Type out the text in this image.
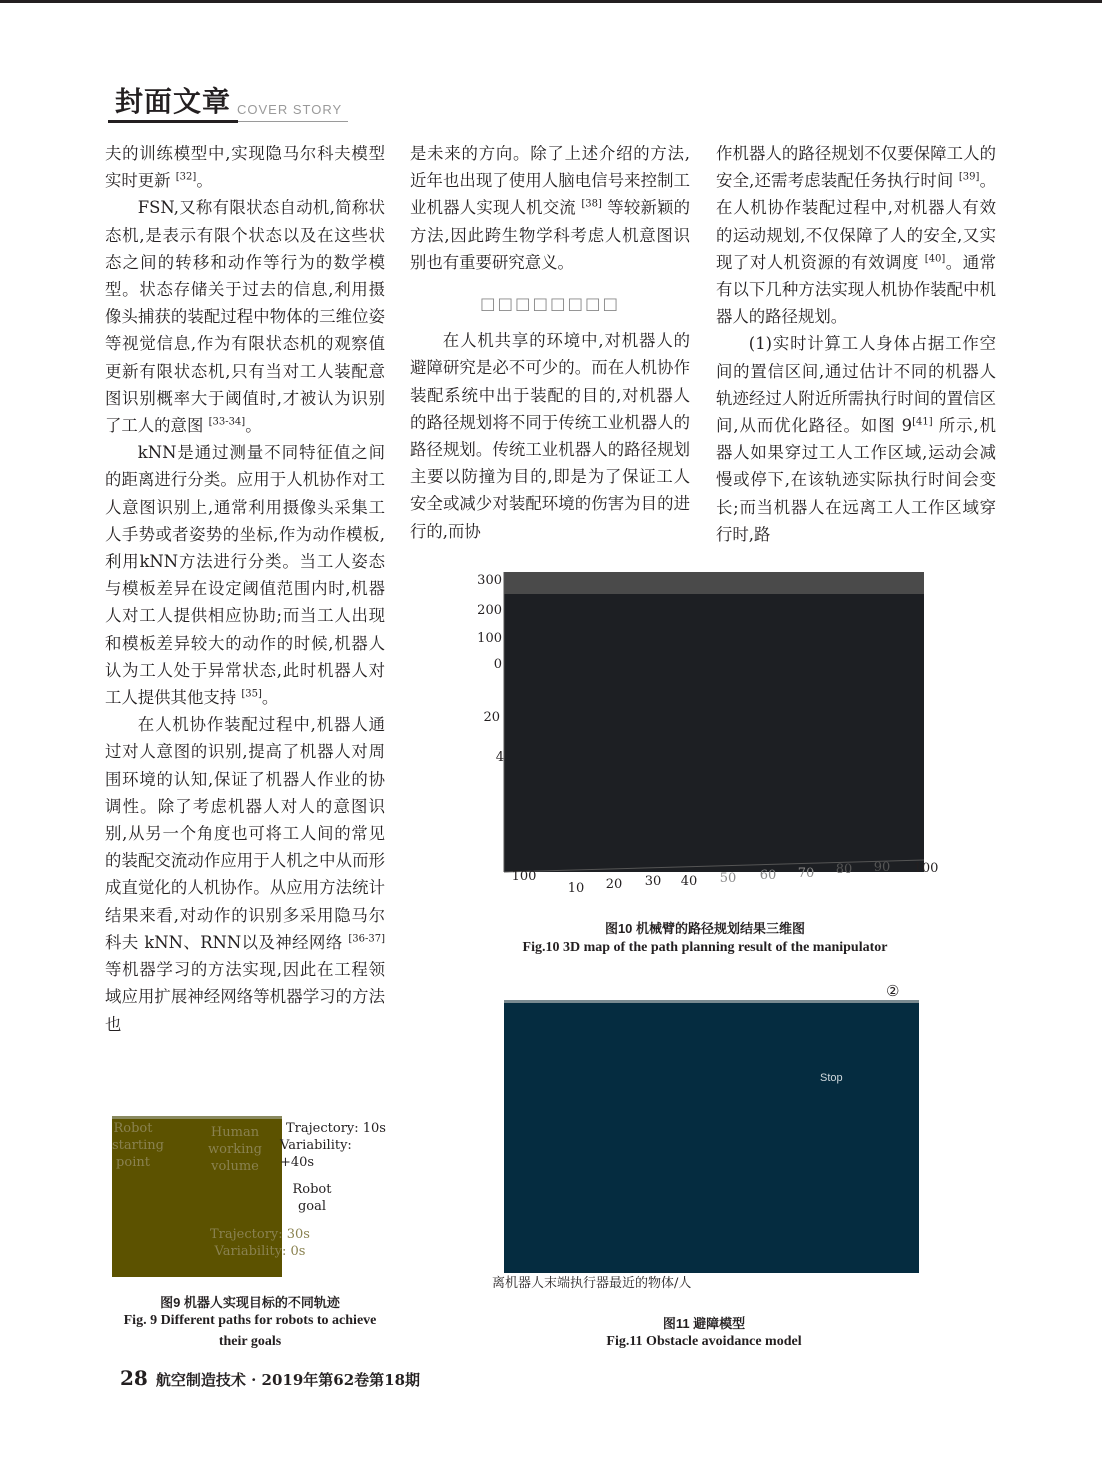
封面文章 COVER STORY

夫的训练模型中,实现隐马尔科夫模型实时更新 [32]。

FSN,又称有限状态自动机,简称状态机,是表示有限个状态以及在这些状态之间的转移和动作等行为的数学模型。状态存储关于过去的信息,利用摄像头捕获的装配过程中物体的三维位姿等视觉信息,作为有限状态机的观察值更新有限状态机,只有当对工人装配意图识别概率大于阈值时,才被认为识别了工人的意图 [33-34]。

kNN是通过测量不同特征值之间的距离进行分类。应用于人机协作对工人意图识别上,通常利用摄像头采集工人手势或者姿势的坐标,作为动作模板,利用kNN方法进行分类。当工人姿态与模板差异在设定阈值范围内时,机器人对工人提供相应协助;而当工人出现和模板差异较大的动作的时候,机器人认为工人处于异常状态,此时机器人对工人提供其他支持 [35]。

在人机协作装配过程中,机器人通过对人意图的识别,提高了机器人对周围环境的认知,保证了机器人作业的协调性。除了考虑机器人对人的意图识别,从另一个角度也可将工人间的常见的装配交流动作应用于人机之中从而形成直觉化的人机协作。从应用方法统计结果来看,对动作的识别多采用隐马尔科夫 kNN、RNN以及神经网络 [36-37] 等机器学习的方法实现,因此在工程领域应用扩展神经网络等机器学习的方法也

是未来的方向。除了上述介绍的方法,近年也出现了使用人脑电信号来控制工业机器人实现人机交流 [38] 等较新颖的方法,因此跨生物学科考虑人机意图识别也有重要研究意义。

□□□□□□□□

在人机共享的环境中,对机器人的避障研究是必不可少的。而在人机协作装配系统中出于装配的目的,对机器人的路径规划将不同于传统工业机器人的路径规划。传统工业机器人的路径规划主要以防撞为目的,即是为了保证工人安全或减少对装配环境的伤害为目的进行的,而协

作机器人的路径规划不仅要保障工人的安全,还需考虑装配任务执行时间 [39]。在人机协作装配过程中,对机器人有效的运动规划,不仅保障了人的安全,又实现了对人机资源的有效调度 [40]。通常有以下几种方法实现人机协作装配中机器人的路径规划。

(1)实时计算工人身体占据工作空间的置信区间,通过估计不同的机器人轨迹经过人附近所需执行时间的置信区间,从而优化路径。如图 9[41] 所示,机器人如果穿过工人工作区域,运动会减慢或停下,在该轨迹实际执行时间会变长;而当机器人在远离工人工作区域穿行时,路

300
200
100
0
20
4
100
10 20 30 40 50 60 70 80 90 100
图10 机械臂的路径规划结果三维图
Fig.10 3D map of the path planning result of the manipulator
Robot starting point
Human working volume
Trajectory: 10s
Variability: +40s
Robot goal
Trajectory: 30s
Variability: 0s
图9 机器人实现目标的不同轨迹
Fig. 9 Different paths for robots to achieve
their goals
②
Stop
离机器人末端执行器最近的物体/人
图11 避障模型
Fig.11 Obstacle avoidance model
28 航空制造技术 · 2019年第62卷第18期
